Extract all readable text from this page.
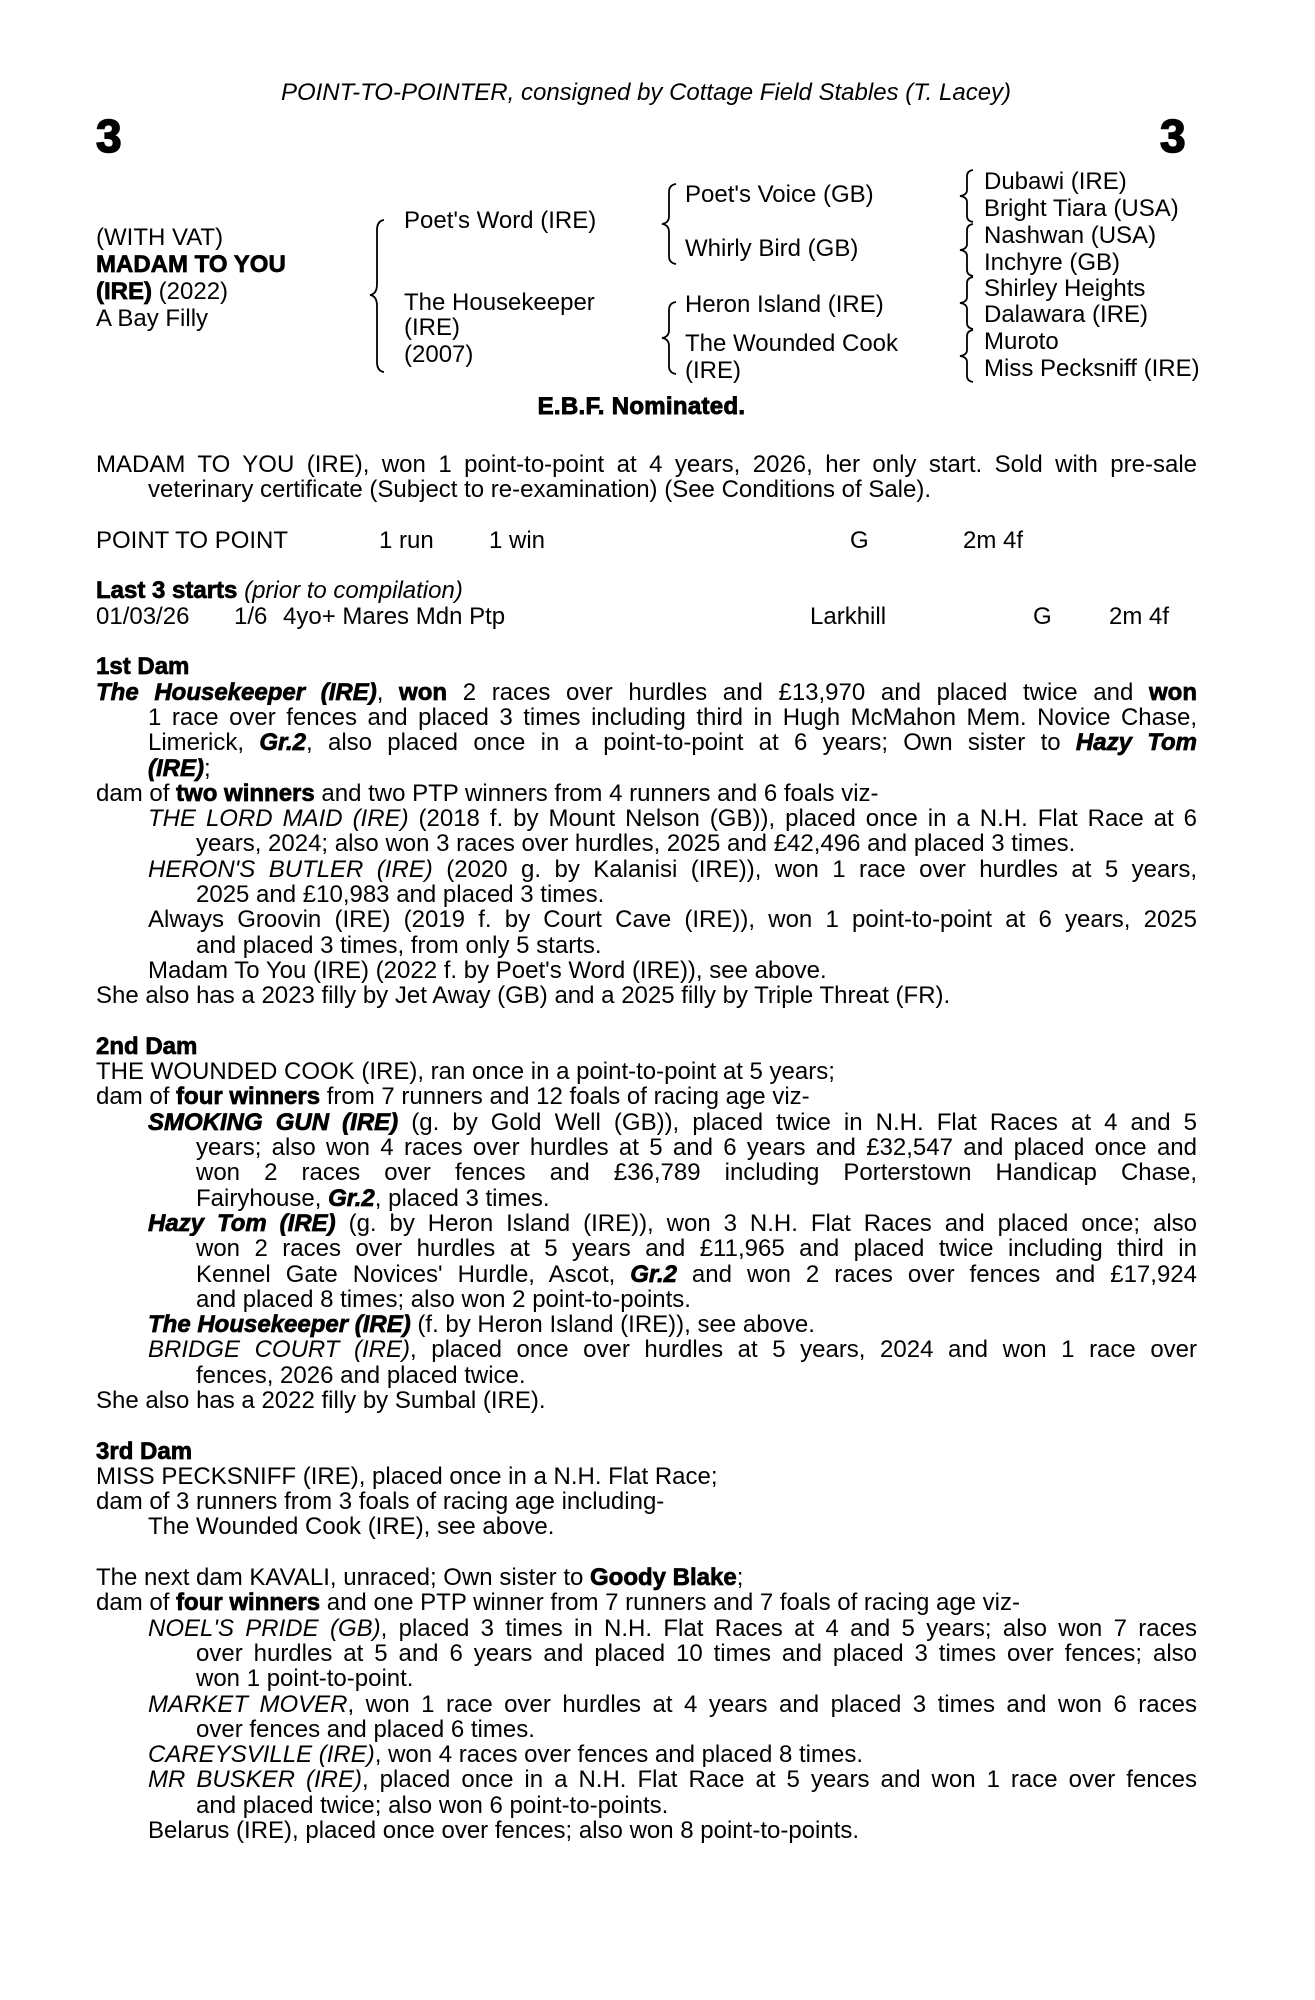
POINT-TO-POINTER, consigned by Cottage Field Stables (T. Lacey)
3	3
(WITH VAT)
MADAM TO YOU
(IRE) (2022)
A Bay Filly
Poet's Word (IRE)
The Housekeeper
(IRE)
(2007)
Poet's Voice (GB)
Whirly Bird (GB)
Heron Island (IRE)
The Wounded Cook
(IRE)
Dubawi (IRE)
Bright Tiara (USA)
Nashwan (USA)
Inchyre (GB)
Shirley Heights
Dalawara (IRE)
Muroto
Miss Pecksniff (IRE)
E.B.F. Nominated.
MADAM TO YOU (IRE), won 1 point-to-point at 4 years, 2026, her only start. Sold with pre-sale
veterinary certificate (Subject to re-examination) (See Conditions of Sale).
POINT TO POINT	1 run 1 win	G	2m 4f
Last 3 starts (prior to compilation)
01/03/26 1/6 4yo+ Mares Mdn Ptp	Larkhill	G 2m 4f
1st Dam
The Housekeeper (IRE), won 2 races over hurdles and £13,970 and placed twice and won
1 race over fences and placed 3 times including third in Hugh McMahon Mem. Novice Chase,
Limerick, Gr.2, also placed once in a point-to-point at 6 years; Own sister to Hazy Tom
(IRE);
dam of two winners and two PTP winners from 4 runners and 6 foals viz-
THE LORD MAID (IRE) (2018 f. by Mount Nelson (GB)), placed once in a N.H. Flat Race at 6
years, 2024; also won 3 races over hurdles, 2025 and £42,496 and placed 3 times.
HERON'S BUTLER (IRE) (2020 g. by Kalanisi (IRE)), won 1 race over hurdles at 5 years,
2025 and £10,983 and placed 3 times.
Always Groovin (IRE) (2019 f. by Court Cave (IRE)), won 1 point-to-point at 6 years, 2025
and placed 3 times, from only 5 starts.
Madam To You (IRE) (2022 f. by Poet's Word (IRE)), see above.
She also has a 2023 filly by Jet Away (GB) and a 2025 filly by Triple Threat (FR).
2nd Dam
THE WOUNDED COOK (IRE), ran once in a point-to-point at 5 years;
dam of four winners from 7 runners and 12 foals of racing age viz-
SMOKING GUN (IRE) (g. by Gold Well (GB)), placed twice in N.H. Flat Races at 4 and 5
years; also won 4 races over hurdles at 5 and 6 years and £32,547 and placed once and
won 2 races over fences and £36,789 including Porterstown Handicap Chase,
Fairyhouse, Gr.2, placed 3 times.
Hazy Tom (IRE) (g. by Heron Island (IRE)), won 3 N.H. Flat Races and placed once; also
won 2 races over hurdles at 5 years and £11,965 and placed twice including third in
Kennel Gate Novices' Hurdle, Ascot, Gr.2 and won 2 races over fences and £17,924
and placed 8 times; also won 2 point-to-points.
The Housekeeper (IRE) (f. by Heron Island (IRE)), see above.
BRIDGE COURT (IRE), placed once over hurdles at 5 years, 2024 and won 1 race over
fences, 2026 and placed twice.
She also has a 2022 filly by Sumbal (IRE).
3rd Dam
MISS PECKSNIFF (IRE), placed once in a N.H. Flat Race;
dam of 3 runners from 3 foals of racing age including-
The Wounded Cook (IRE), see above.
The next dam KAVALI, unraced; Own sister to Goody Blake;
dam of four winners and one PTP winner from 7 runners and 7 foals of racing age viz-
NOEL'S PRIDE (GB), placed 3 times in N.H. Flat Races at 4 and 5 years; also won 7 races
over hurdles at 5 and 6 years and placed 10 times and placed 3 times over fences; also
won 1 point-to-point.
MARKET MOVER, won 1 race over hurdles at 4 years and placed 3 times and won 6 races
over fences and placed 6 times.
CAREYSVILLE (IRE), won 4 races over fences and placed 8 times.
MR BUSKER (IRE), placed once in a N.H. Flat Race at 5 years and won 1 race over fences
and placed twice; also won 6 point-to-points.
Belarus (IRE), placed once over fences; also won 8 point-to-points.
